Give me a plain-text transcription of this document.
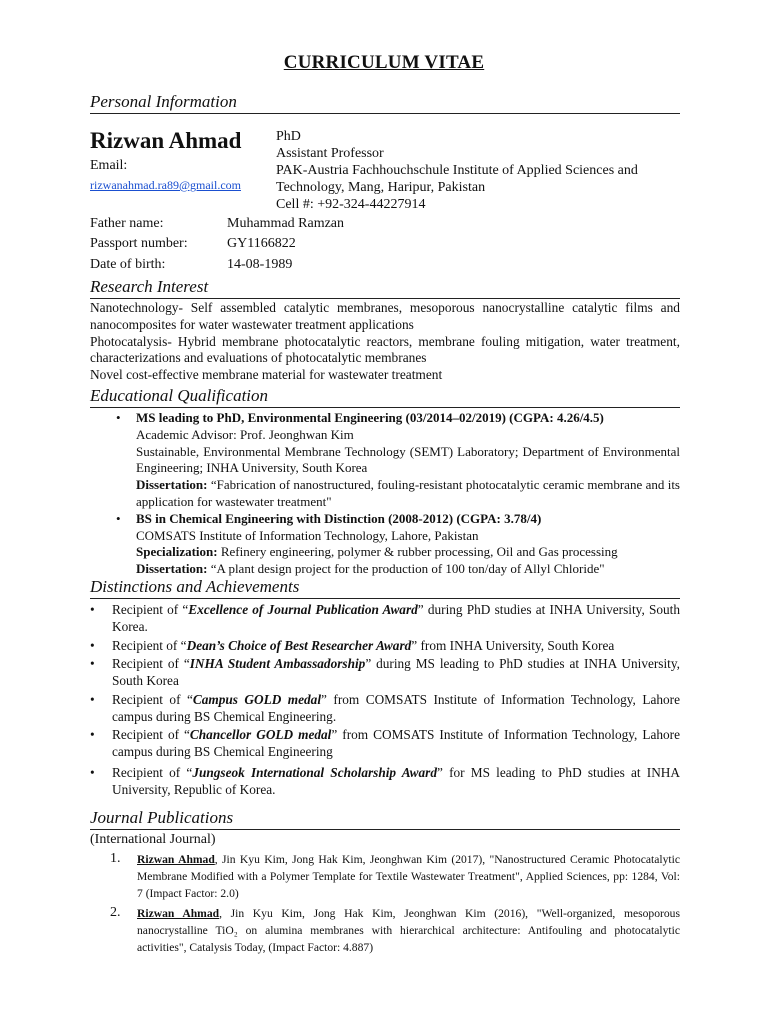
CURRICULUM VITAE
Personal Information
Rizwan Ahmad
Email:
rizwanahmad.ra89@gmail.com
PhD
Assistant Professor
PAK-Austria Fachhouchschule Institute of Applied Sciences and
Technology, Mang, Haripur, Pakistan
Cell #: +92-324-44227914
Father name:	Muhammad Ramzan
Passport number:	GY1166822
Date of birth:	14-08-1989
Research Interest
Nanotechnology- Self assembled catalytic membranes, mesoporous nanocrystalline catalytic films and nanocomposites for water wastewater treatment applications
Photocatalysis- Hybrid membrane photocatalytic reactors, membrane fouling mitigation, water treatment, characterizations and evaluations of photocatalytic membranes
Novel cost-effective membrane material for wastewater treatment
Educational Qualification
• MS leading to PhD, Environmental Engineering (03/2014–02/2019) (CGPA: 4.26/4.5)
Academic Advisor: Prof. Jeonghwan Kim
Sustainable, Environmental Membrane Technology (SEMT) Laboratory; Department of Environmental Engineering; INHA University, South Korea
Dissertation: “Fabrication of nanostructured, fouling-resistant photocatalytic ceramic membrane and its application for wastewater treatment"
• BS in Chemical Engineering with Distinction (2008-2012) (CGPA: 3.78/4)
COMSATS Institute of Information Technology, Lahore, Pakistan
Specialization: Refinery engineering, polymer & rubber processing, Oil and Gas processing
Dissertation: “A plant design project for the production of 100 ton/day of Allyl Chloride"
Distinctions and Achievements
• Recipient of “Excellence of Journal Publication Award” during PhD studies at INHA University, South Korea.
• Recipient of “Dean’s Choice of Best Researcher Award” from INHA University, South Korea
• Recipient of “INHA Student Ambassadorship” during MS leading to PhD studies at INHA University, South Korea
• Recipient of “Campus GOLD medal” from COMSATS Institute of Information Technology, Lahore campus during BS Chemical Engineering.
• Recipient of “Chancellor GOLD medal” from COMSATS Institute of Information Technology, Lahore campus during BS Chemical Engineering
• Recipient of “Jungseok International Scholarship Award” for MS leading to PhD studies at INHA University, Republic of Korea.
Journal Publications
(International Journal)
1. Rizwan Ahmad, Jin Kyu Kim, Jong Hak Kim, Jeonghwan Kim (2017), "Nanostructured Ceramic Photocatalytic Membrane Modified with a Polymer Template for Textile Wastewater Treatment", Applied Sciences, pp: 1284, Vol: 7 (Impact Factor: 2.0)
2. Rizwan Ahmad, Jin Kyu Kim, Jong Hak Kim, Jeonghwan Kim (2016), "Well-organized, mesoporous nanocrystalline TiO₂ on alumina membranes with hierarchical architecture: Antifouling and photocatalytic activities", Catalysis Today, (Impact Factor: 4.887)
